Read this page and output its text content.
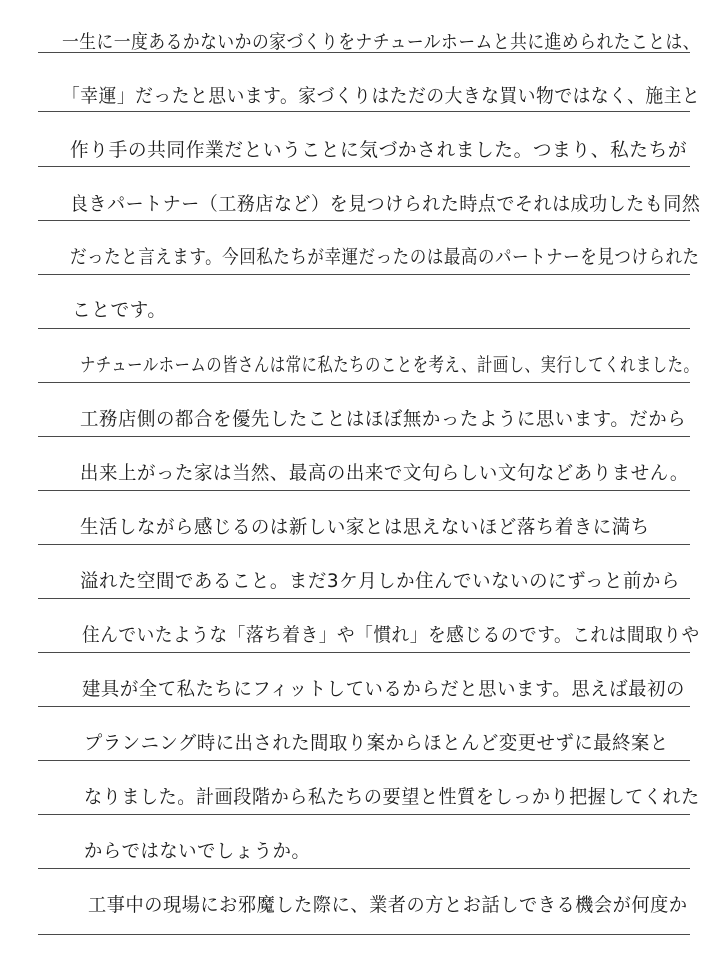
一生に一度あるかないかの家づくりをナチュールホームと共に進められたことは、
「幸運」だったと思います。家づくりはただの大きな買い物ではなく、施主と
作り手の共同作業だということに気づかされました。つまり、私たちが
良きパートナー（工務店など）を見つけられた時点でそれは成功したも同然
だったと言えます。今回私たちが幸運だったのは最高のパートナーを見つけられた
ことです。
ナチュールホームの皆さんは常に私たちのことを考え、計画し、実行してくれました。
工務店側の都合を優先したことはほぼ無かったように思います。だから
出来上がった家は当然、最高の出来で文句らしい文句などありません。
生活しながら感じるのは新しい家とは思えないほど落ち着きに満ち
溢れた空間であること。まだ3ケ月しか住んでいないのにずっと前から
住んでいたような「落ち着き」や「慣れ」を感じるのです。これは間取りや
建具が全て私たちにフィットしているからだと思います。思えば最初の
プランニング時に出された間取り案からほとんど変更せずに最終案と
なりました。計画段階から私たちの要望と性質をしっかり把握してくれた
からではないでしょうか。
工事中の現場にお邪魔した際に、業者の方とお話しできる機会が何度か
